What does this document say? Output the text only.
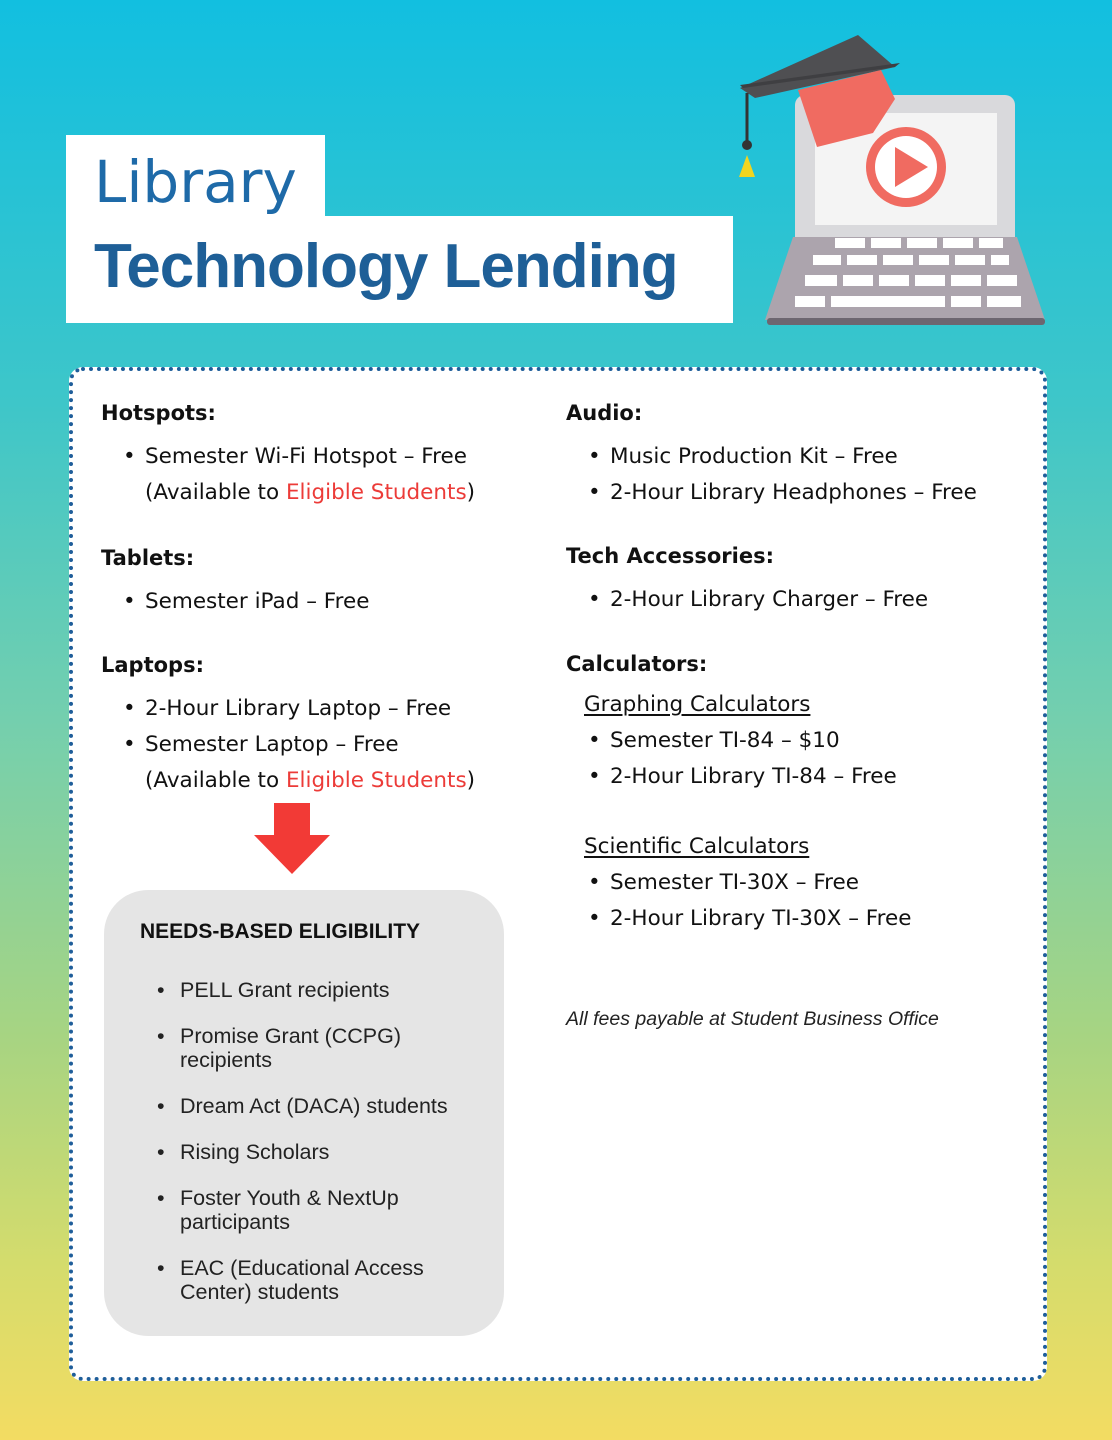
Library
Technology Lending

Hotspots:

• Semester Wi-Fi Hotspot – Free
(Available to Eligible Students)

Tablets:

• Semester iPad – Free

Laptops:

• 2-Hour Library Laptop – Free
• Semester Laptop – Free
(Available to Eligible Students)

NEEDS-BASED ELIGIBILITY

• PELL Grant recipients
• Promise Grant (CCPG) recipients
• Dream Act (DACA) students
• Rising Scholars
• Foster Youth & NextUp participants
• EAC (Educational Access Center) students

Audio:

• Music Production Kit – Free
• 2-Hour Library Headphones – Free

Tech Accessories:

• 2-Hour Library Charger – Free

Calculators:

Graphing Calculators
• Semester TI-84 – $10
• 2-Hour Library TI-84 – Free
Scientific Calculators
• Semester TI-30X – Free
• 2-Hour Library TI-30X – Free
All fees payable at Student Business Office
